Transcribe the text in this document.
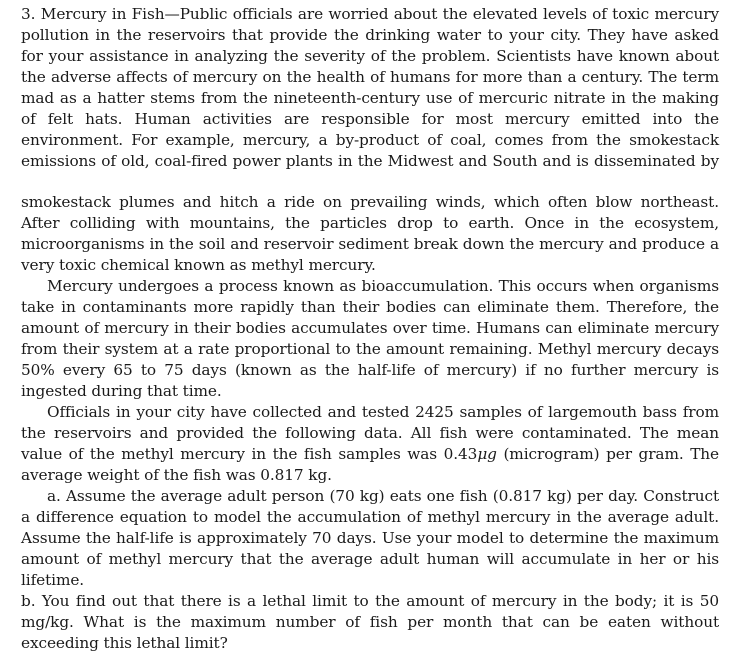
3. Mercury in Fish—Public officials are worried about the elevated levels of toxic mercury pollution in the reservoirs that provide the drinking water to your city. They have asked for your assistance in analyzing the severity of the problem. Scientists have known about the adverse affects of mercury on the health of humans for more than a century. The term mad as a hatter stems from the nineteenth-century use of mercuric nitrate in the making of felt hats. Human activities are responsible for most mercury emitted into the environment. For example, mercury, a by-product of coal, comes from the smokestack emissions of old, coal-fired power plants in the Midwest and South and is disseminated by

smokestack plumes and hitch a ride on prevailing winds, which often blow northeast. After colliding with mountains, the particles drop to earth. Once in the ecosystem, microorganisms in the soil and reservoir sediment break down the mercury and produce a very toxic chemical known as methyl mercury.

Mercury undergoes a process known as bioaccumulation. This occurs when organisms take in contaminants more rapidly than their bodies can eliminate them. Therefore, the amount of mercury in their bodies accumulates over time. Humans can eliminate mercury from their system at a rate proportional to the amount remaining. Methyl mercury decays 50% every 65 to 75 days (known as the half-life of mercury) if no further mercury is ingested during that time.

Officials in your city have collected and tested 2425 samples of largemouth bass from the reservoirs and provided the following data. All fish were contaminated. The mean value of the methyl mercury in the fish samples was 0.43μg (microgram) per gram. The average weight of the fish was 0.817 kg.

a. Assume the average adult person (70 kg) eats one fish (0.817 kg) per day. Construct a difference equation to model the accumulation of methyl mercury in the average adult. Assume the half-life is approximately 70 days. Use your model to determine the maximum amount of methyl mercury that the average adult human will accumulate in her or his lifetime.

b. You find out that there is a lethal limit to the amount of mercury in the body; it is 50 mg/kg. What is the maximum number of fish per month that can be eaten without exceeding this lethal limit?
